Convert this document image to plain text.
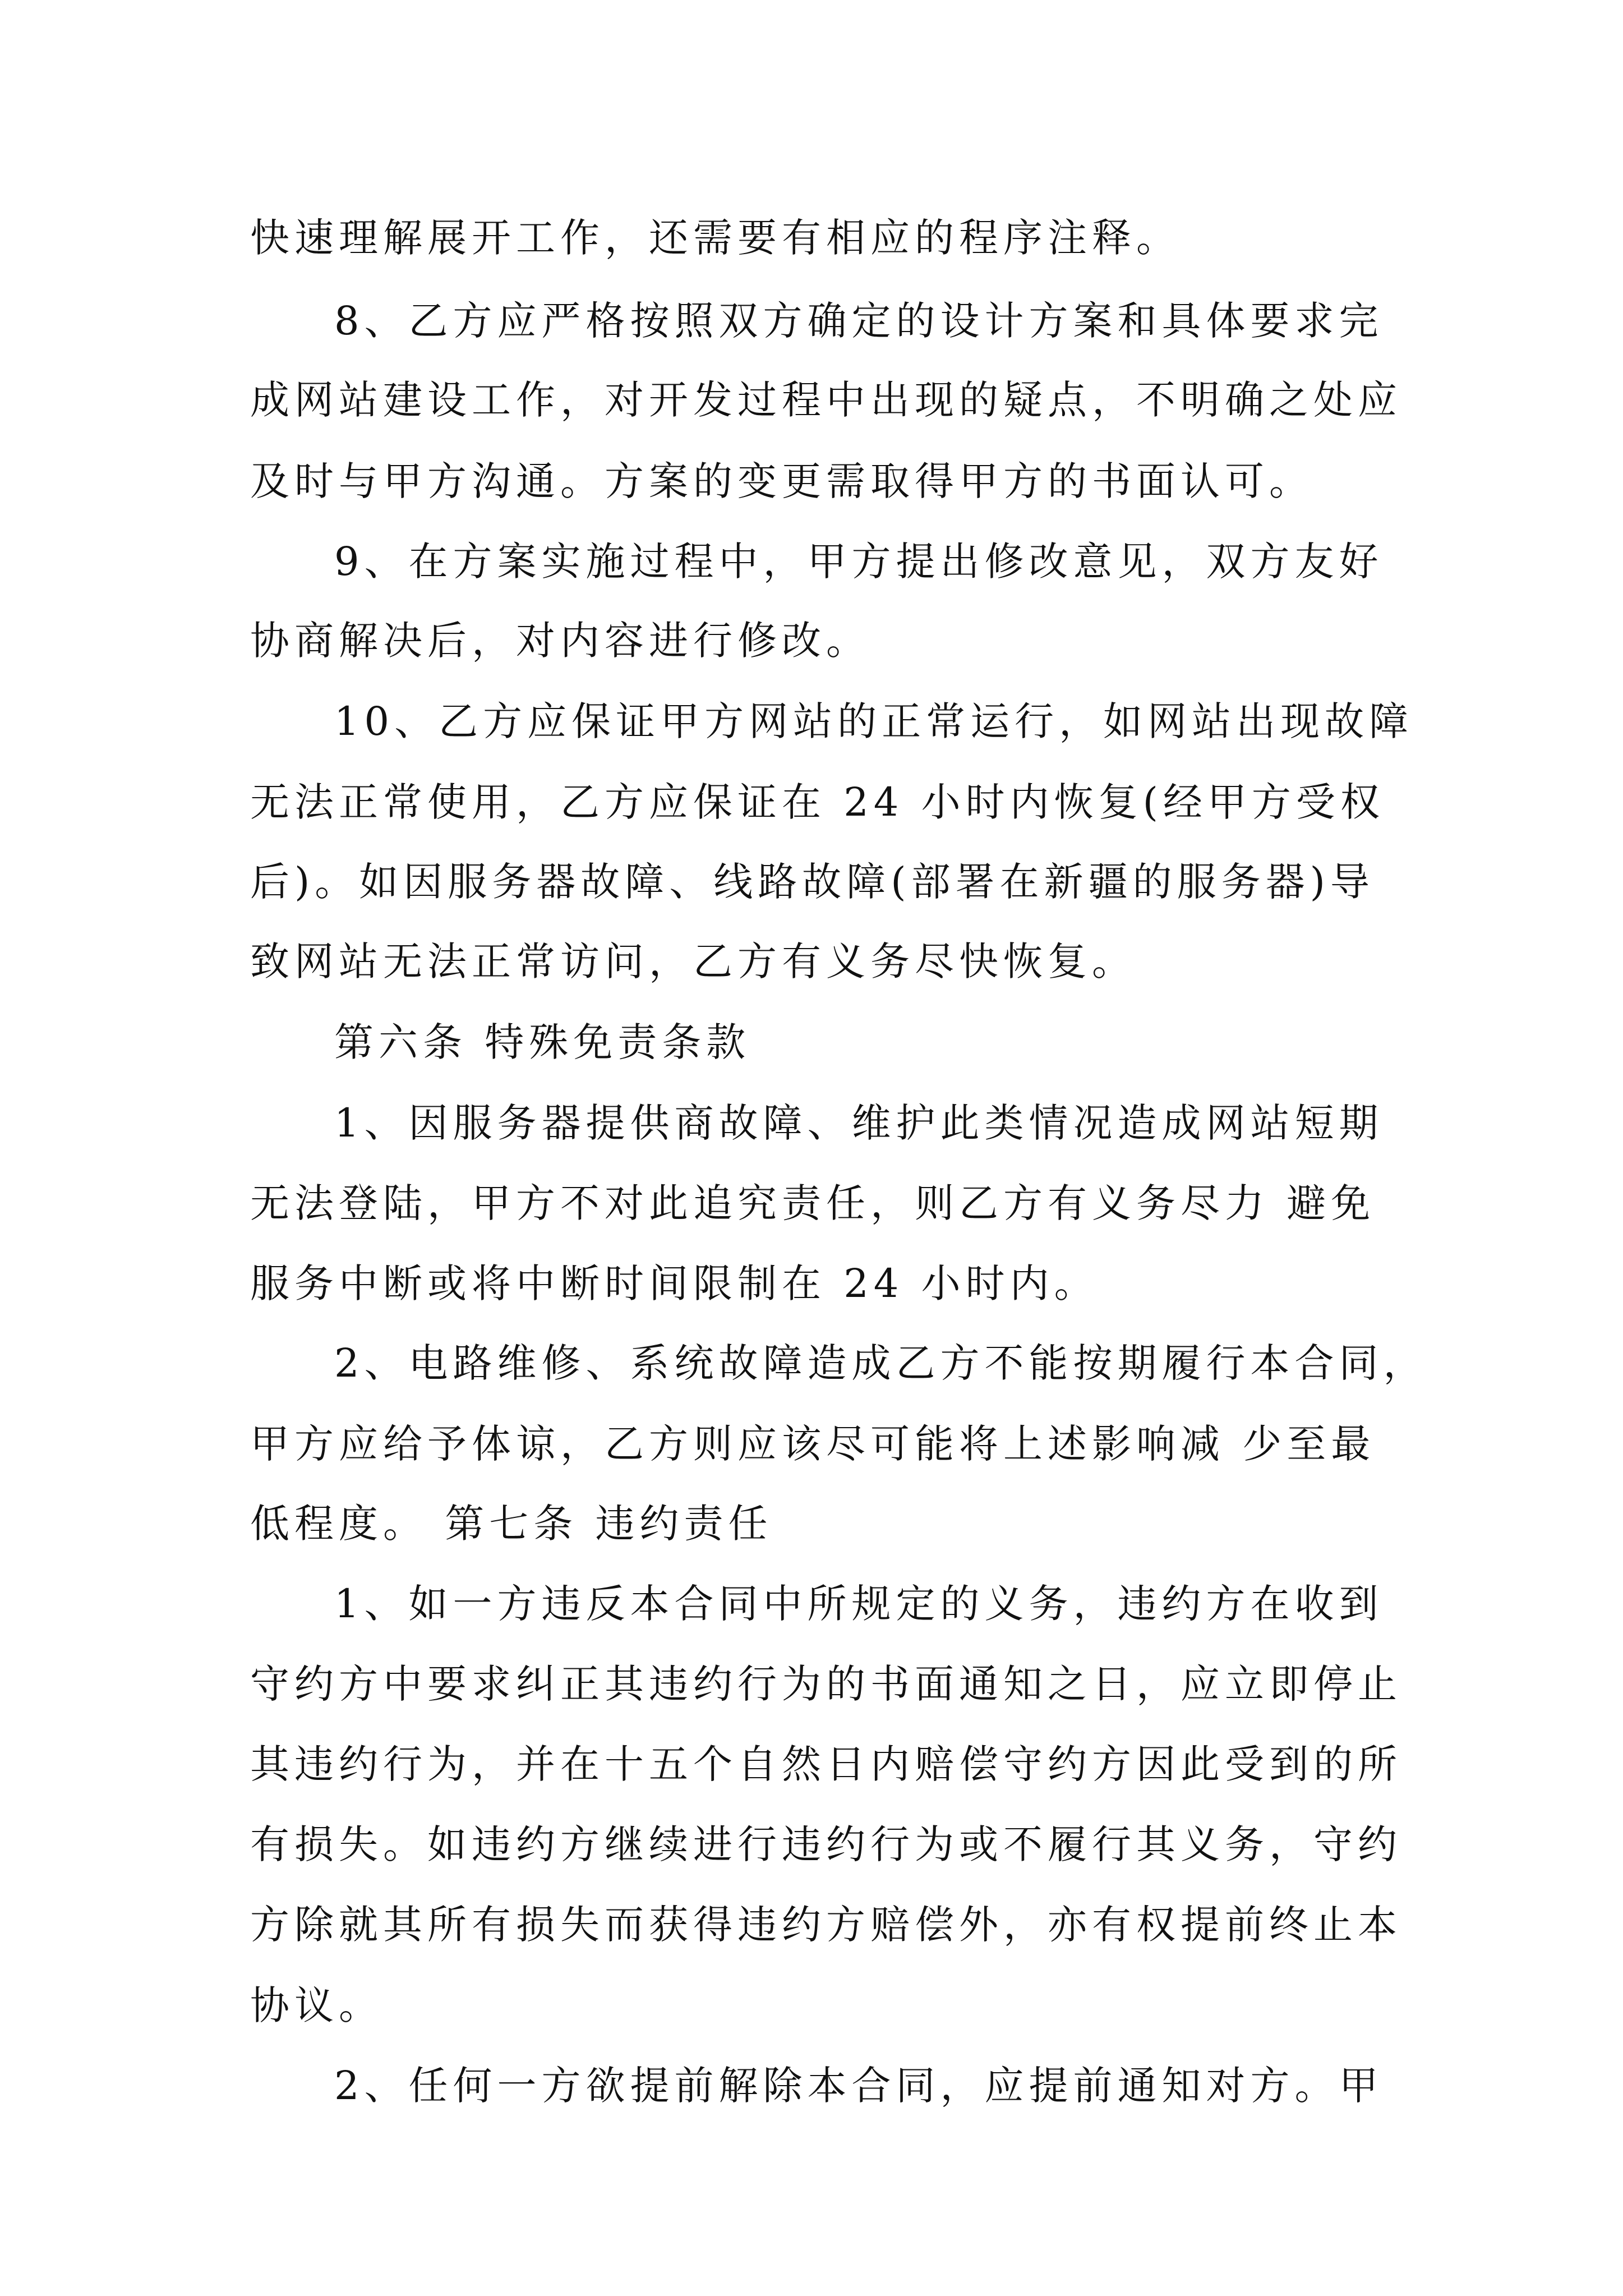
快速理解展开工作，还需要有相应的程序注释。

8、乙方应严格按照双方确定的设计方案和具体要求完

成网站建设工作，对开发过程中出现的疑点，不明确之处应

及时与甲方沟通。方案的变更需取得甲方的书面认可。

9、在方案实施过程中，甲方提出修改意见，双方友好

协商解决后，对内容进行修改。

10、乙方应保证甲方网站的正常运行，如网站出现故障

无法正常使用，乙方应保证在 24 小时内恢复(经甲方受权

后)。如因服务器故障、线路故障(部署在新疆的服务器)导

致网站无法正常访问，乙方有义务尽快恢复。

第六条 特殊免责条款

1、因服务器提供商故障、维护此类情况造成网站短期

无法登陆，甲方不对此追究责任，则乙方有义务尽力 避免

服务中断或将中断时间限制在 24 小时内。

2、电路维修、系统故障造成乙方不能按期履行本合同，

甲方应给予体谅，乙方则应该尽可能将上述影响减 少至最

低程度。 第七条 违约责任

1、如一方违反本合同中所规定的义务，违约方在收到

守约方中要求纠正其违约行为的书面通知之日，应立即停止

其违约行为，并在十五个自然日内赔偿守约方因此受到的所

有损失。如违约方继续进行违约行为或不履行其义务，守约

方除就其所有损失而获得违约方赔偿外，亦有权提前终止本

协议。

2、任何一方欲提前解除本合同，应提前通知对方。甲
